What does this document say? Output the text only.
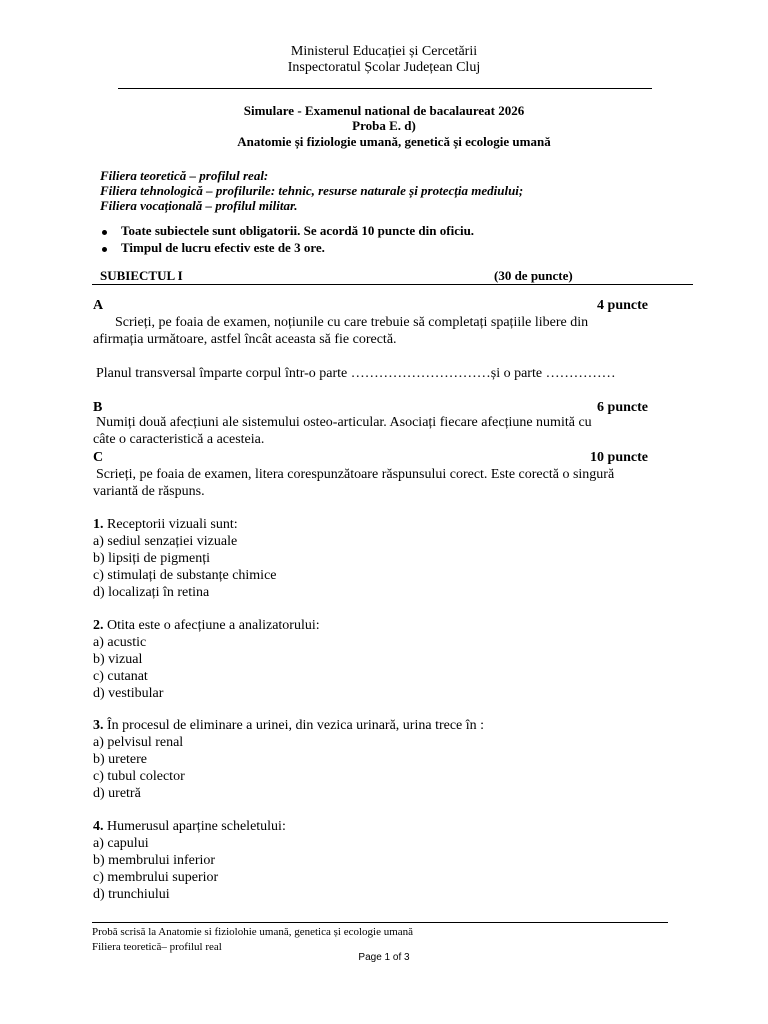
Ministerul Educației și Cercetării
Inspectoratul Școlar Județean Cluj
Simulare - Examenul national de bacalaureat 2026
Proba E. d)
Anatomie și fiziologie umană, genetică și ecologie umană
Filiera teoretică – profilul real:
Filiera tehnologică – profilurile: tehnic, resurse naturale și protecția mediului;
Filiera vocațională – profilul militar.
Toate subiectele sunt obligatorii. Se acordă 10 puncte din oficiu.
Timpul de lucru efectiv este de 3 ore.
SUBIECTUL I	(30 de puncte)
A	4 puncte
Scrieți, pe foaia de examen, noțiunile cu care trebuie să completați spațiile libere din
afirmația următoare, astfel încât aceasta să fie corectă.
Planul transversal împarte corpul într-o parte …………………………și o parte ……………
B	6 puncte
Numiți două afecțiuni ale sistemului osteo-articular. Asociați fiecare afecțiune numită cu
câte o caracteristică a acesteia.
C	10 puncte
Scrieți, pe foaia de examen, litera corespunzătoare răspunsului corect. Este corectă o singură
variantă de răspuns.
1. Receptorii vizuali sunt:
a) sediul senzației vizuale
b) lipsiți de pigmenți
c) stimulați de substanțe chimice
d) localizați în retina
2. Otita este o afecțiune a analizatorului:
a) acustic
b) vizual
c) cutanat
d) vestibular
3. În procesul de eliminare a urinei, din vezica urinară, urina trece în :
a) pelvisul renal
b) uretere
c) tubul colector
d) uretră
4. Humerusul aparține scheletului:
a) capului
b) membrului inferior
c) membrului superior
d) trunchiului
Probă scrisă la Anatomie si fiziolohie umană, genetica și ecologie umană
Filiera teoretică– profilul real
Page 1 of 3
